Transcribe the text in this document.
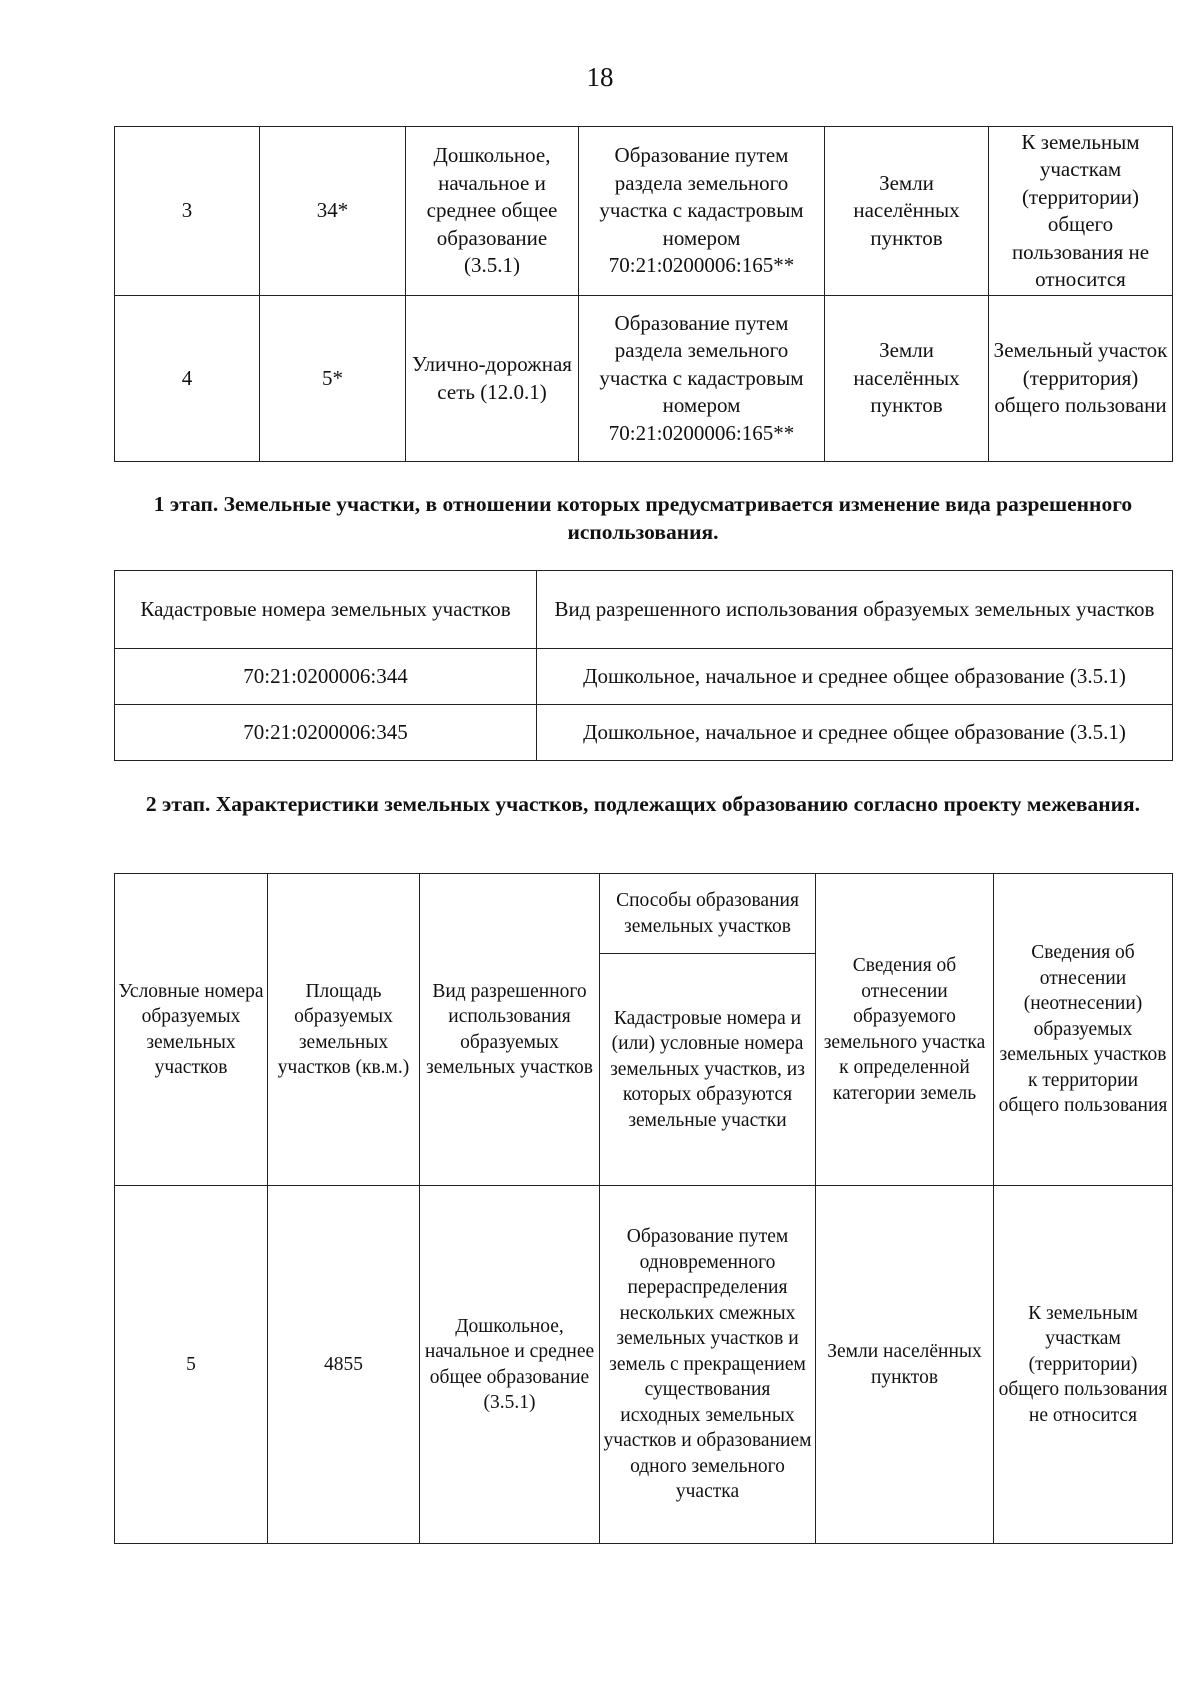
18
3	34*	Дошкольное, начальное и среднее общее образование (3.5.1)	Образование путем раздела земельного участка с кадастровым номером 70:21:0200006:165**	Земли населённых пунктов	К земельным участкам (территории) общего пользования не относится
4	5*	Улично-дорожная сеть (12.0.1)	Образование путем раздела земельного участка с кадастровым номером 70:21:0200006:165**	Земли населённых пунктов	Земельный участок (территория) общего пользовани
1 этап. Земельные участки, в отношении которых предусматривается изменение вида разрешенного использования.
Кадастровые номера земельных участков	Вид разрешенного использования образуемых земельных участков
70:21:0200006:344	Дошкольное, начальное и среднее общее образование (3.5.1)
70:21:0200006:345	Дошкольное, начальное и среднее общее образование (3.5.1)
2 этап. Характеристики земельных участков, подлежащих образованию согласно проекту межевания.
Условные номера образуемых земельных участков	Площадь образуемых земельных участков (кв.м.)	Вид разрешенного использования образуемых земельных участков	Способы образования земельных участков	Сведения об отнесении образуемого земельного участка к определенной категории земель	Сведения об отнесении (неотнесении) образуемых земельных участков к территории общего пользования
			Кадастровые номера и (или) условные номера земельных участков, из которых образуются земельные участки		
5	4855	Дошкольное, начальное и среднее общее образование (3.5.1)	Образование путем одновременного перераспределения нескольких смежных земельных участков и земель с прекращением существования исходных земельных участков и образованием одного земельного участка	Земли населённых пунктов	К земельным участкам (территории) общего пользования не относится
